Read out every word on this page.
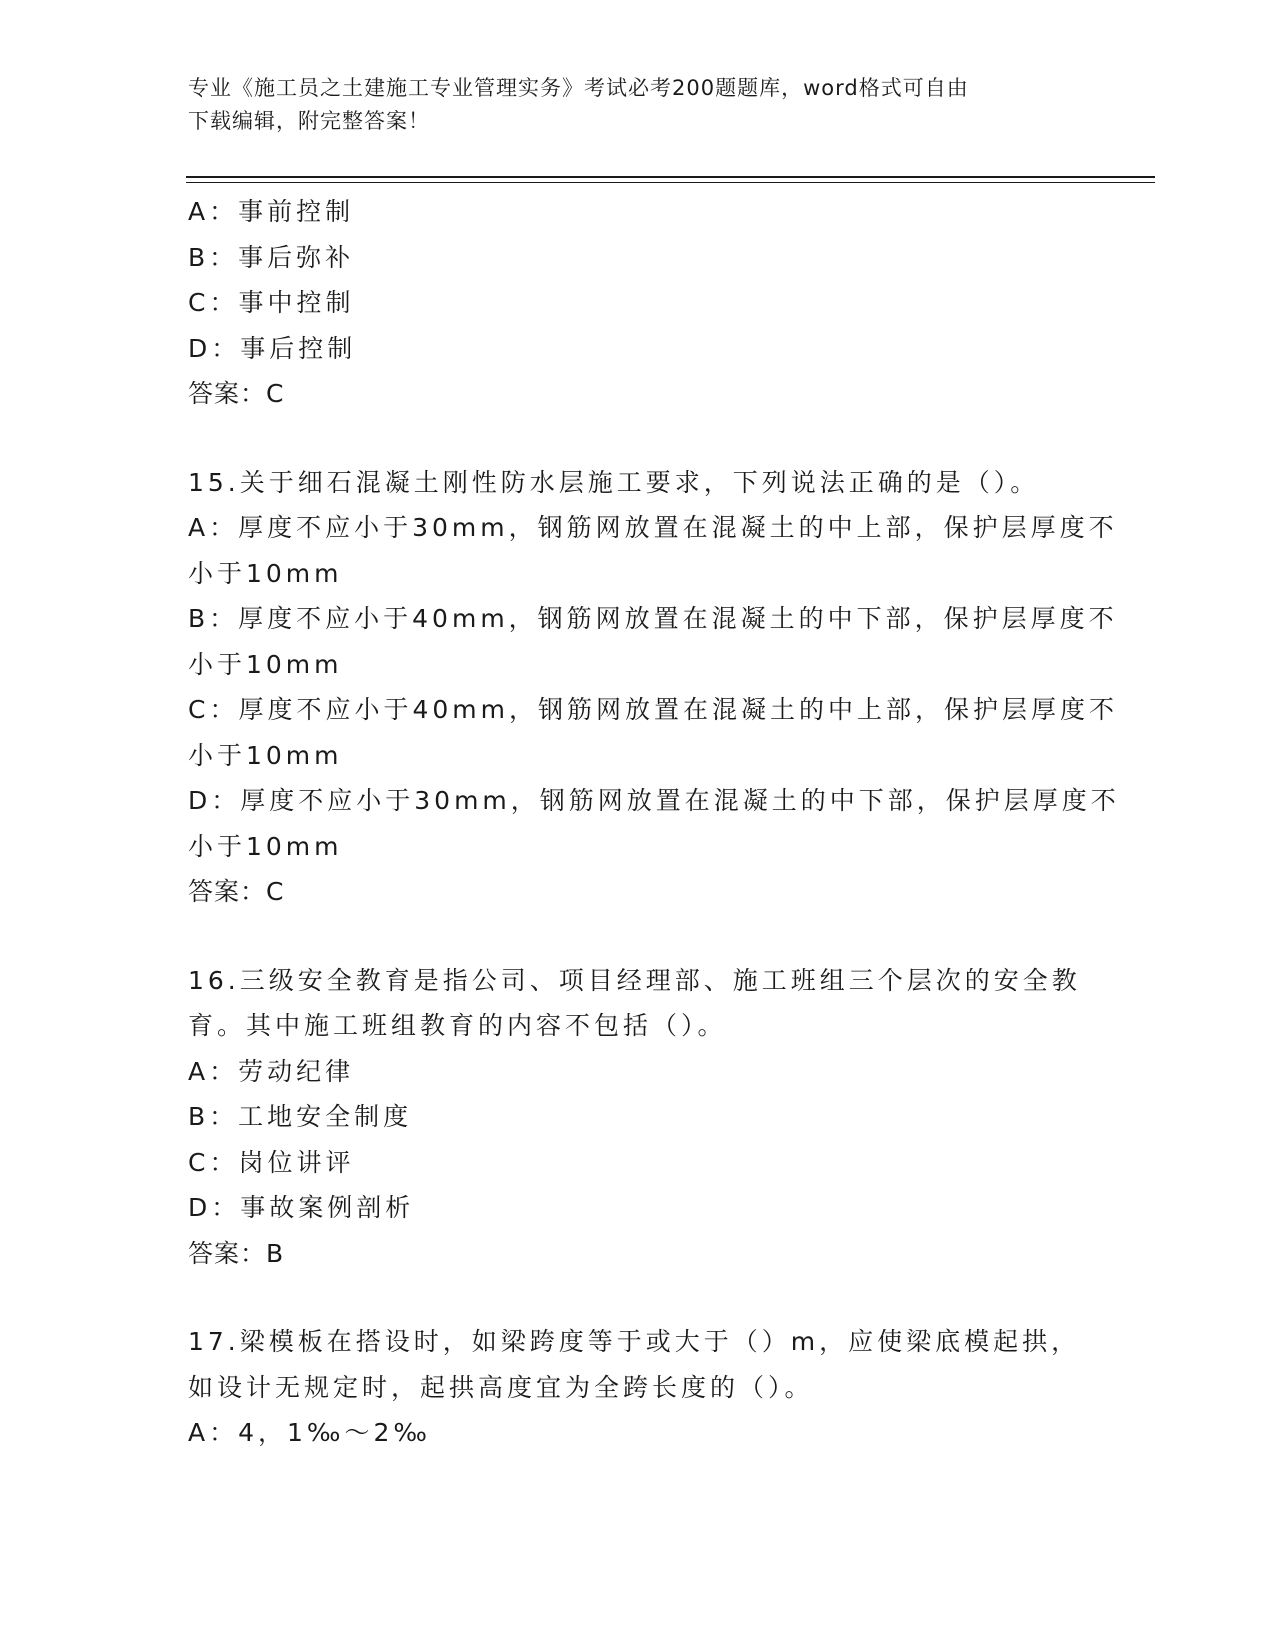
专业《施工员之土建施工专业管理实务》考试必考200题题库，word格式可自由
下载编辑，附完整答案！
A：事前控制
B：事后弥补
C：事中控制
D：事后控制
答案：C
15.关于细石混凝土刚性防水层施工要求，下列说法正确的是（）。
A：厚度不应小于30mm，钢筋网放置在混凝土的中上部，保护层厚度不
小于10mm
B：厚度不应小于40mm，钢筋网放置在混凝土的中下部，保护层厚度不
小于10mm
C：厚度不应小于40mm，钢筋网放置在混凝土的中上部，保护层厚度不
小于10mm
D：厚度不应小于30mm，钢筋网放置在混凝土的中下部，保护层厚度不
小于10mm
答案：C
16.三级安全教育是指公司、项目经理部、施工班组三个层次的安全教
育。其中施工班组教育的内容不包括（）。
A：劳动纪律
B：工地安全制度
C：岗位讲评
D：事故案例剖析
答案：B
17.梁模板在搭设时，如梁跨度等于或大于（）m，应使梁底模起拱，
如设计无规定时，起拱高度宜为全跨长度的（）。
A：4，1‰～2‰
